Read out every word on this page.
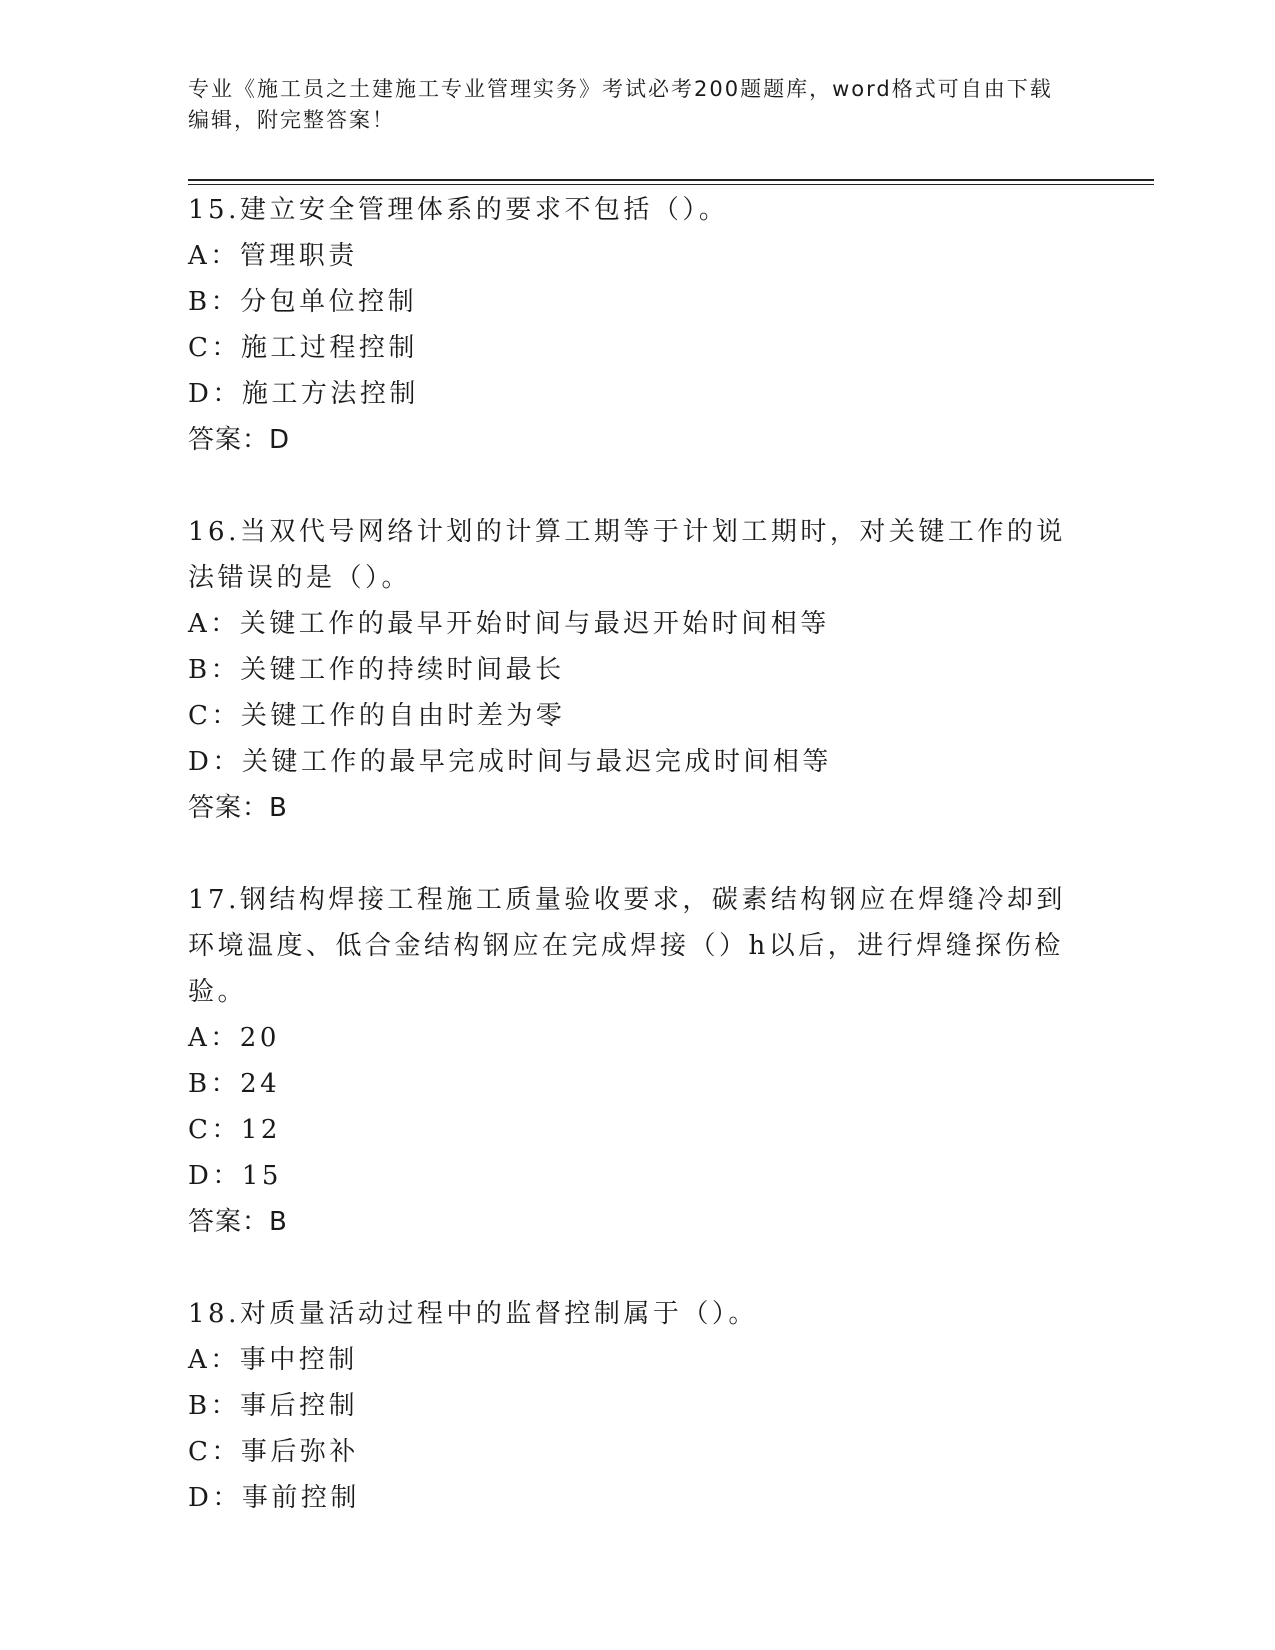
专业《施工员之土建施工专业管理实务》考试必考200题题库，word格式可自由下载编辑，附完整答案！

15.建立安全管理体系的要求不包括（）。

A：管理职责

B：分包单位控制

C：施工过程控制

D：施工方法控制

答案：D

16.当双代号网络计划的计算工期等于计划工期时，对关键工作的说法错误的是（）。

A：关键工作的最早开始时间与最迟开始时间相等

B：关键工作的持续时间最长

C：关键工作的自由时差为零

D：关键工作的最早完成时间与最迟完成时间相等

答案：B

17.钢结构焊接工程施工质量验收要求，碳素结构钢应在焊缝冷却到环境温度、低合金结构钢应在完成焊接（）h以后，进行焊缝探伤检验。

A：20

B：24

C：12

D：15

答案：B

18.对质量活动过程中的监督控制属于（）。

A：事中控制

B：事后控制

C：事后弥补

D：事前控制
